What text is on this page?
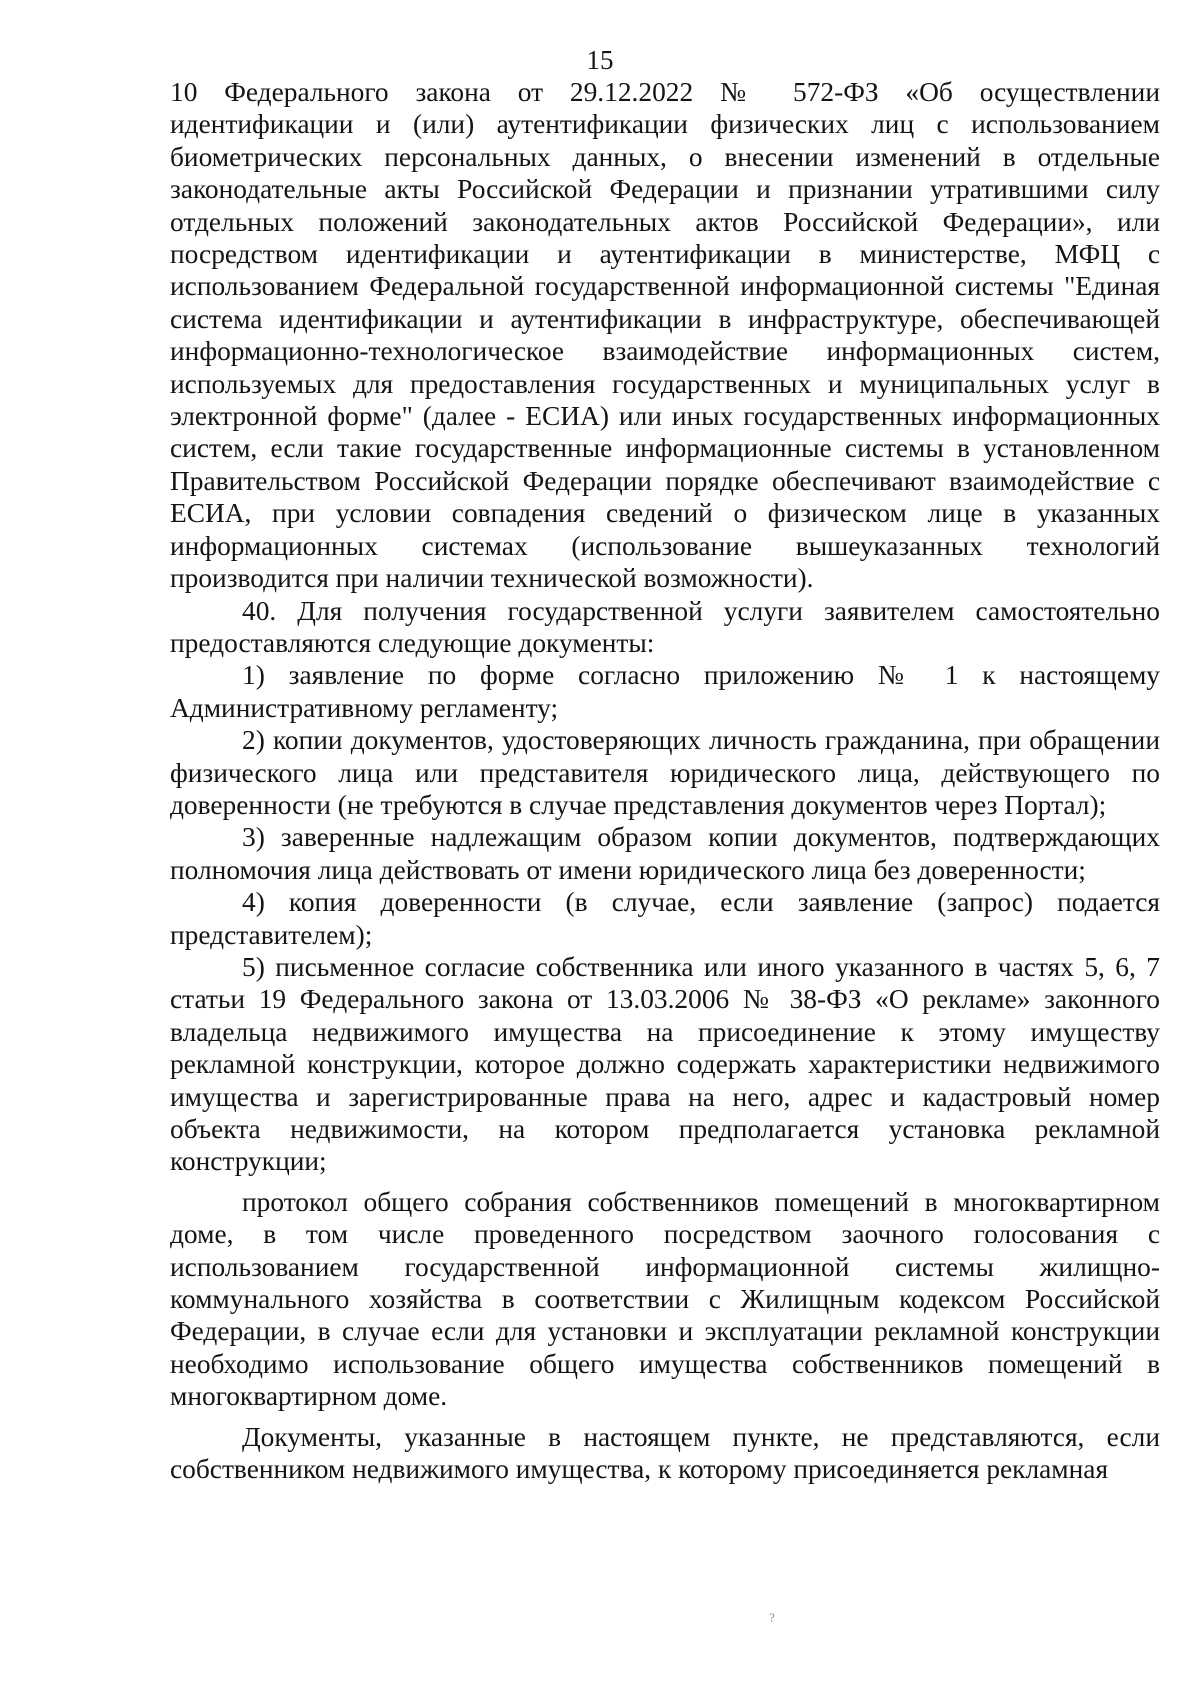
15

10 Федерального закона от 29.12.2022 № 572-ФЗ «Об осуществлении идентификации и (или) аутентификации физических лиц с использованием биометрических персональных данных, о внесении изменений в отдельные законодательные акты Российской Федерации и признании утратившими силу отдельных положений законодательных актов Российской Федерации», или посредством идентификации и аутентификации в министерстве, МФЦ с использованием Федеральной государственной информационной системы "Единая система идентификации и аутентификации в инфраструктуре, обеспечивающей информационно-технологическое взаимодействие информационных систем, используемых для предоставления государственных и муниципальных услуг в электронной форме" (далее - ЕСИА) или иных государственных информационных систем, если такие государственные информационные системы в установленном Правительством Российской Федерации порядке обеспечивают взаимодействие с ЕСИА, при условии совпадения сведений о физическом лице в указанных информационных системах (использование вышеуказанных технологий производится при наличии технической возможности).

40. Для получения государственной услуги заявителем самостоятельно предоставляются следующие документы:

1) заявление по форме согласно приложению № 1 к настоящему Административному регламенту;

2) копии документов, удостоверяющих личность гражданина, при обращении физического лица или представителя юридического лица, действующего по доверенности (не требуются в случае представления документов через Портал);

3) заверенные надлежащим образом копии документов, подтверждающих полномочия лица действовать от имени юридического лица без доверенности;

4) копия доверенности (в случае, если заявление (запрос) подается представителем);

5) письменное согласие собственника или иного указанного в частях 5, 6, 7 статьи 19 Федерального закона от 13.03.2006 № 38-ФЗ «О рекламе» законного владельца недвижимого имущества на присоединение к этому имуществу рекламной конструкции, которое должно содержать характеристики недвижимого имущества и зарегистрированные права на него, адрес и кадастровый номер объекта недвижимости, на котором предполагается установка рекламной конструкции;

протокол общего собрания собственников помещений в многоквартирном доме, в том числе проведенного посредством заочного голосования с использованием государственной информационной системы жилищно-коммунального хозяйства в соответствии с Жилищным кодексом Российской Федерации, в случае если для установки и эксплуатации рекламной конструкции необходимо использование общего имущества собственников помещений в многоквартирном доме.

Документы, указанные в настоящем пункте, не представляются, если собственником недвижимого имущества, к которому присоединяется рекламная

?
